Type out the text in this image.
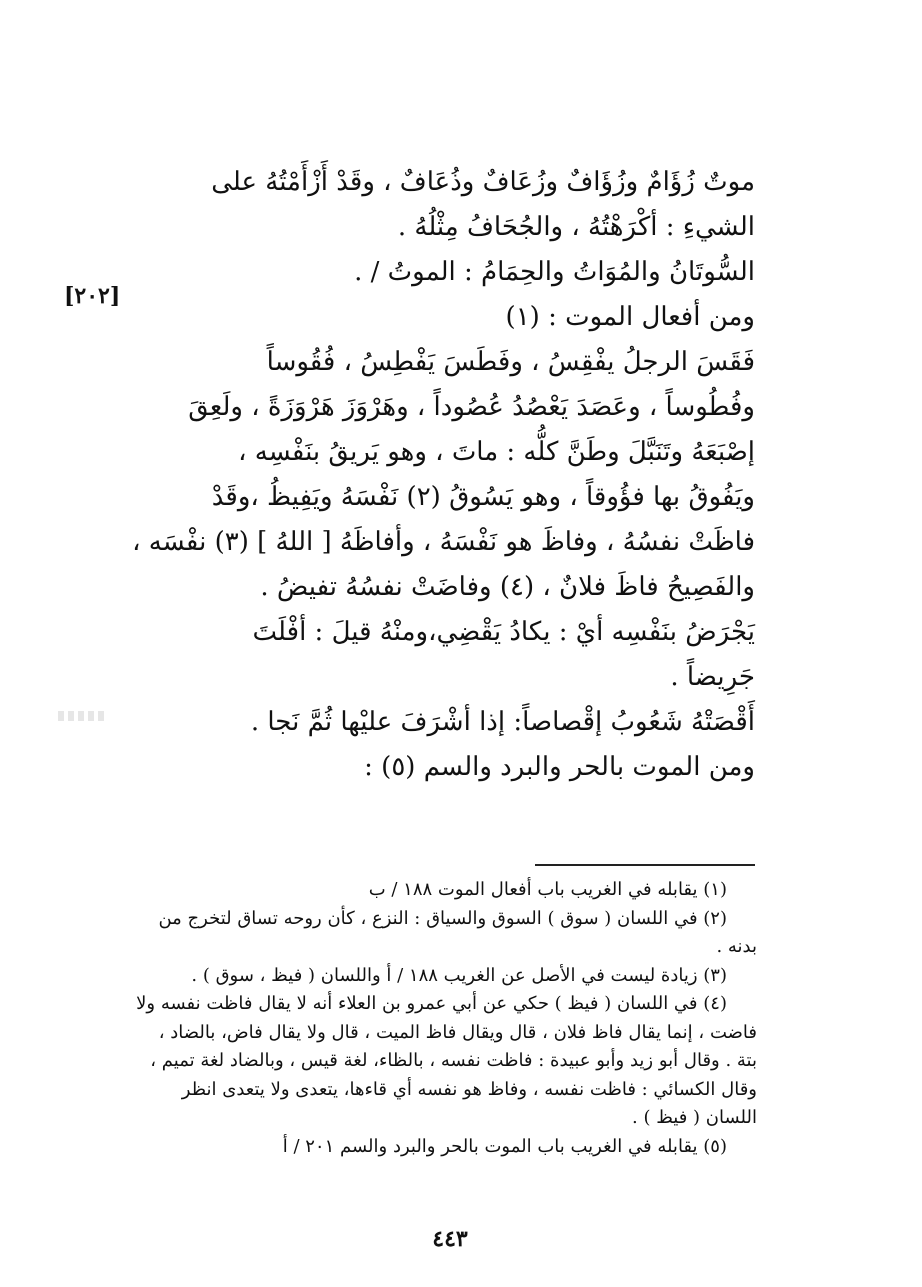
[٢٠٢]
موتٌ زُؤَامٌ وزُؤَافٌ وزُعَافٌ وذُعَافٌ ، وقَدْ أَزْأَمْتُهُ على
الشيءِ : أكْرَهْتُهُ ، والجُحَافُ مِثْلُهُ .
السُّوتَانُ والمُوَاتُ والحِمَامُ : الموتُ / .
ومن أفعال الموت : (١)
فَقَسَ الرجلُ يفْقِسُ ، وفَطَسَ يَفْطِسُ ، فُقُوساً
وفُطُوساً ، وعَصَدَ يَعْصُدُ عُصُوداً ، وهَرْوَزَ هَرْوَزَةً ، ولَعِقَ
إصْبَعَهُ وتَنَبَّلَ وطَنَّ كلُّه : ماتَ ، وهو يَريقُ بنَفْسِه ،
ويَفُوقُ بها فؤُوقاً ، وهو يَسُوقُ (٢) نَفْسَهُ ويَفِيظُ ،وقَدْ
فاظَتْ نفسُهُ ، وفاظَ هو نَفْسَهُ ، وأفاظَهُ [ اللهُ ] (٣) نفْسَه ،
والفَصِيحُ فاظَ فلانٌ ، (٤) وفاضَتْ نفسُهُ تفيضُ .
يَجْرَضُ بنَفْسِه أيْ : يكادُ يَقْضِي،ومنْهُ قيلَ : أفْلَتَ
جَرِيضاً .
أَقْصَتْهُ شَعُوبُ إقْصاصاً: إذا أشْرَفَ عليْها ثُمَّ نَجا .
ومن الموت بالحر والبرد والسم (٥) :
(١) يقابله في الغريب باب أفعال الموت ١٨٨ / ب
(٢) في اللسان ( سوق ) السوق والسياق : النزع ، كأن روحه تساق لتخرج من
بدنه .
(٣) زيادة ليست في الأصل عن الغريب ١٨٨ / أ واللسان ( فيظ ، سوق ) .
(٤) في اللسان ( فيظ ) حكي عن أبي عمرو بن العلاء أنه لا يقال فاظت نفسه ولا
فاضت ، إنما يقال فاظ فلان ، قال ويقال فاظ الميت ، قال ولا يقال فاض، بالضاد ،
بتة . وقال أبو زيد وأبو عبيدة : فاظت نفسه ، بالظاء، لغة قيس ، وبالضاد لغة تميم ،
وقال الكسائي : فاظت نفسه ، وفاظ هو نفسه أي قاءها، يتعدى ولا يتعدى انظر
اللسان ( فيظ ) .
(٥) يقابله في الغريب باب الموت بالحر والبرد والسم ٢٠١ / أ
٤٤٣
